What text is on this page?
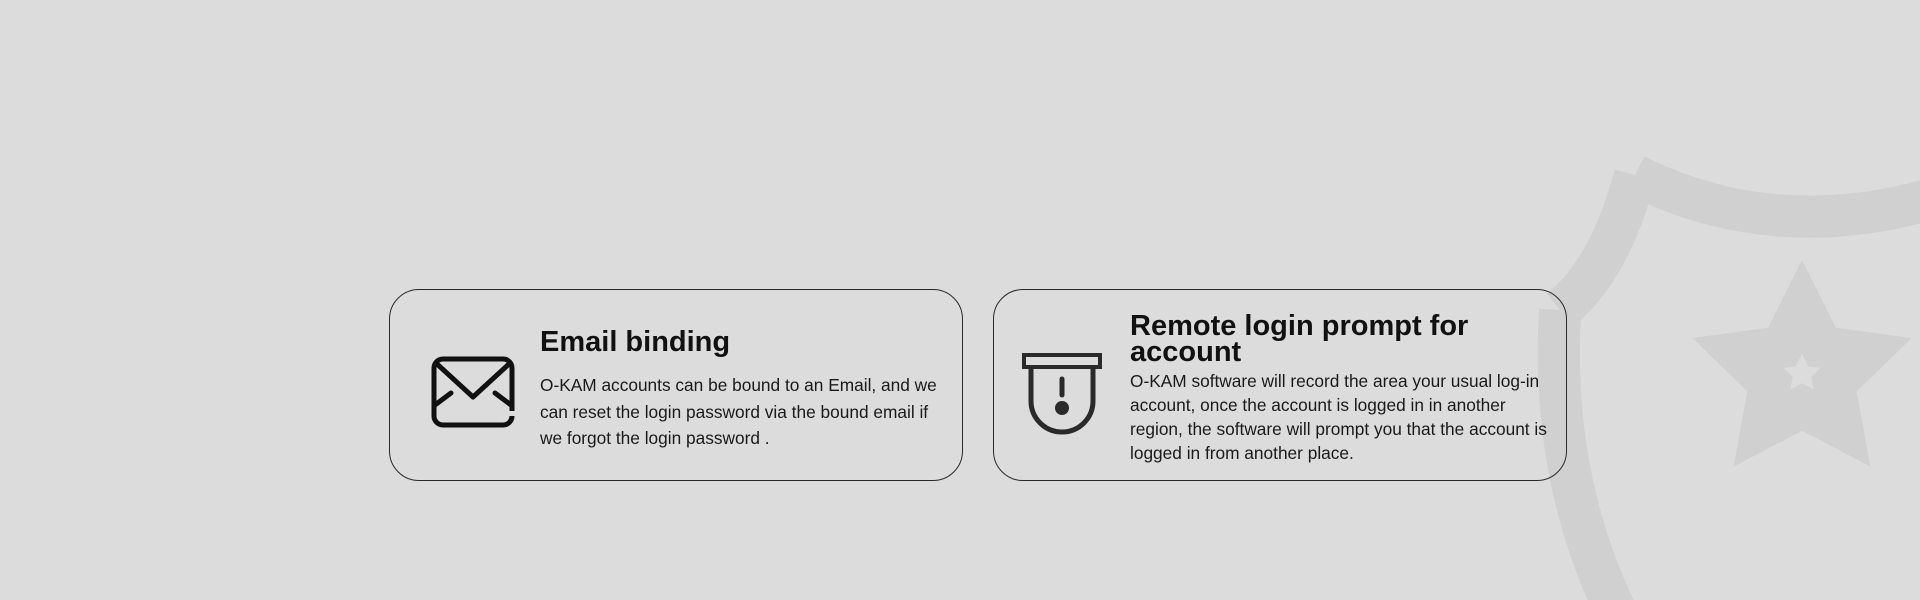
Email binding

O-KAM accounts can be bound to an Email, and we can reset the login password via the bound email if we forgot the login password .

Remote login prompt for account

O-KAM software will record the area your usual log-in account, once the account is logged in in another region, the software will prompt you that the account is logged in from another place.
